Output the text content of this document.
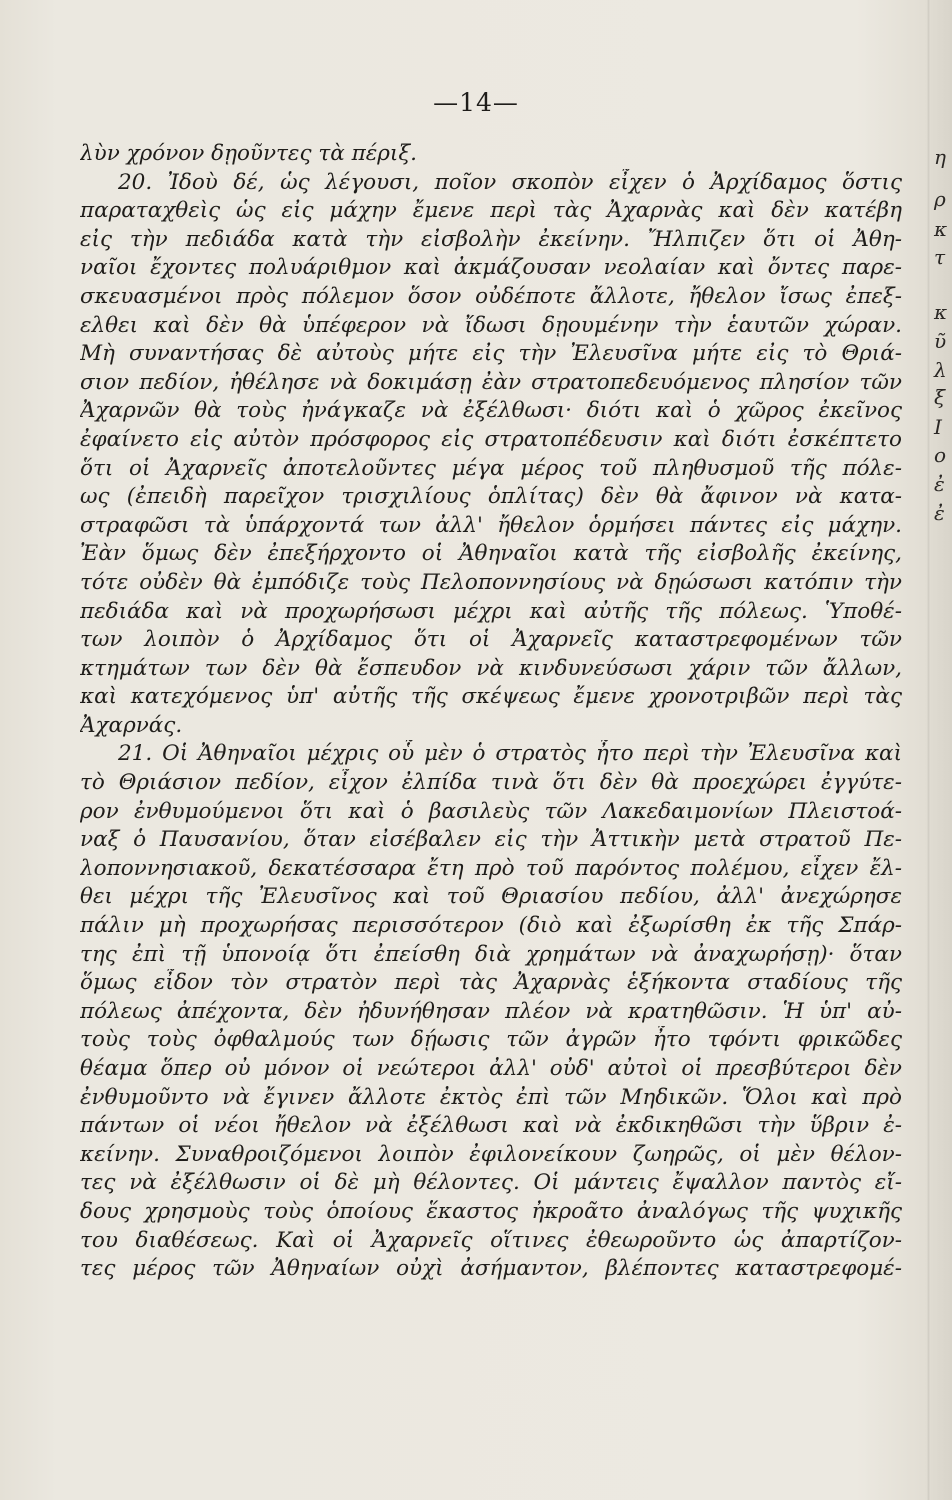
—14—
λὺν χρόνον δῃοῦντες τὰ πέριξ.
20. Ἰδοὺ δέ, ὡς λέγουσι, ποῖον σκοπὸν εἶχεν ὁ Ἀρχίδαμος ὅστις
παραταχθεὶς ὡς εἰς μάχην ἔμενε περὶ τὰς Ἀχαρνὰς καὶ δὲν κατέβη
εἰς τὴν πεδιάδα κατὰ τὴν εἰσβολὴν ἐκείνην. Ἤλπιζεν ὅτι οἱ Ἀθη-
ναῖοι ἔχοντες πολυάριθμον καὶ ἀκμάζουσαν νεολαίαν καὶ ὄντες παρε-
σκευασμένοι πρὸς πόλεμον ὅσον οὐδέποτε ἄλλοτε, ἤθελον ἴσως ἐπεξ-
ελθει καὶ δὲν θὰ ὑπέφερον νὰ ἴδωσι δῃουμένην τὴν ἑαυτῶν χώραν.
Μὴ συναντήσας δὲ αὐτοὺς μήτε εἰς τὴν Ἐλευσῖνα μήτε εἰς τὸ Θριά-
σιον πεδίον, ἠθέλησε νὰ δοκιμάσῃ ἐὰν στρατοπεδευόμενος πλησίον τῶν
Ἀχαρνῶν θὰ τοὺς ἠνάγκαζε νὰ ἐξέλθωσι· διότι καὶ ὁ χῶρος ἐκεῖνος
ἐφαίνετο εἰς αὐτὸν πρόσφορος εἰς στρατοπέδευσιν καὶ διότι ἐσκέπτετο
ὅτι οἱ Ἀχαρνεῖς ἀποτελοῦντες μέγα μέρος τοῦ πληθυσμοῦ τῆς πόλε-
ως (ἐπειδὴ παρεῖχον τρισχιλίους ὁπλίτας) δὲν θὰ ἄφινον νὰ κατα-
στραφῶσι τὰ ὑπάρχοντά των ἀλλ' ἤθελον ὁρμήσει πάντες εἰς μάχην.
Ἐὰν ὅμως δὲν ἐπεξήρχοντο οἱ Ἀθηναῖοι κατὰ τῆς εἰσβολῆς ἐκείνης,
τότε οὐδὲν θὰ ἐμπόδιζε τοὺς Πελοποννησίους νὰ δῃώσωσι κατόπιν τὴν
πεδιάδα καὶ νὰ προχωρήσωσι μέχρι καὶ αὐτῆς τῆς πόλεως. Ὑποθέ-
των λοιπὸν ὁ Ἀρχίδαμος ὅτι οἱ Ἀχαρνεῖς καταστρεφομένων τῶν
κτημάτων των δὲν θὰ ἔσπευδον νὰ κινδυνεύσωσι χάριν τῶν ἄλλων,
καὶ κατεχόμενος ὑπ' αὐτῆς τῆς σκέψεως ἔμενε χρονοτριβῶν περὶ τὰς
Ἀχαρνάς.
21. Οἱ Ἀθηναῖοι μέχρις οὗ μὲν ὁ στρατὸς ἦτο περὶ τὴν Ἐλευσῖνα καὶ
τὸ Θριάσιον πεδίον, εἶχον ἐλπίδα τινὰ ὅτι δὲν θὰ προεχώρει ἐγγύτε-
ρον ἐνθυμούμενοι ὅτι καὶ ὁ βασιλεὺς τῶν Λακεδαιμονίων Πλειστοά-
ναξ ὁ Παυσανίου, ὅταν εἰσέβαλεν εἰς τὴν Ἀττικὴν μετὰ στρατοῦ Πε-
λοποννησιακοῦ, δεκατέσσαρα ἔτη πρὸ τοῦ παρόντος πολέμου, εἶχεν ἔλ-
θει μέχρι τῆς Ἐλευσῖνος καὶ τοῦ Θριασίου πεδίου, ἀλλ' ἀνεχώρησε
πάλιν μὴ προχωρήσας περισσότερον (διὸ καὶ ἐξωρίσθη ἐκ τῆς Σπάρ-
της ἐπὶ τῇ ὑπονοίᾳ ὅτι ἐπείσθη διὰ χρημάτων νὰ ἀναχωρήσῃ)· ὅταν
ὅμως εἶδον τὸν στρατὸν περὶ τὰς Ἀχαρνὰς ἑξήκοντα σταδίους τῆς
πόλεως ἀπέχοντα, δὲν ἠδυνήθησαν πλέον νὰ κρατηθῶσιν. Ἡ ὑπ' αὐ-
τοὺς τοὺς ὀφθαλμούς των δῄωσις τῶν ἀγρῶν ἦτο τφόντι φρικῶδες
θέαμα ὅπερ οὐ μόνον οἱ νεώτεροι ἀλλ' οὐδ' αὐτοὶ οἱ πρεσβύτεροι δὲν
ἐνθυμοῦντο νὰ ἔγινεν ἄλλοτε ἐκτὸς ἐπὶ τῶν Μηδικῶν. Ὅλοι καὶ πρὸ
πάντων οἱ νέοι ἤθελον νὰ ἐξέλθωσι καὶ νὰ ἐκδικηθῶσι τὴν ὕβριν ἐ-
κείνην. Συναθροιζόμενοι λοιπὸν ἐφιλονείκουν ζωηρῶς, οἱ μὲν θέλον-
τες νὰ ἐξέλθωσιν οἱ δὲ μὴ θέλοντες. Οἱ μάντεις ἔψαλλον παντὸς εἴ-
δους χρησμοὺς τοὺς ὁποίους ἕκαστος ἠκροᾶτο ἀναλόγως τῆς ψυχικῆς
του διαθέσεως. Καὶ οἱ Ἀχαρνεῖς οἵτινες ἐθεωροῦντο ὡς ἀπαρτίζον-
τες μέρος τῶν Ἀθηναίων οὐχὶ ἀσήμαντον, βλέποντες καταστρεφομέ-
η
ρ
κ
τ
κ
ῦ
λ
ξ
I
ο
ἐ
ἐ
